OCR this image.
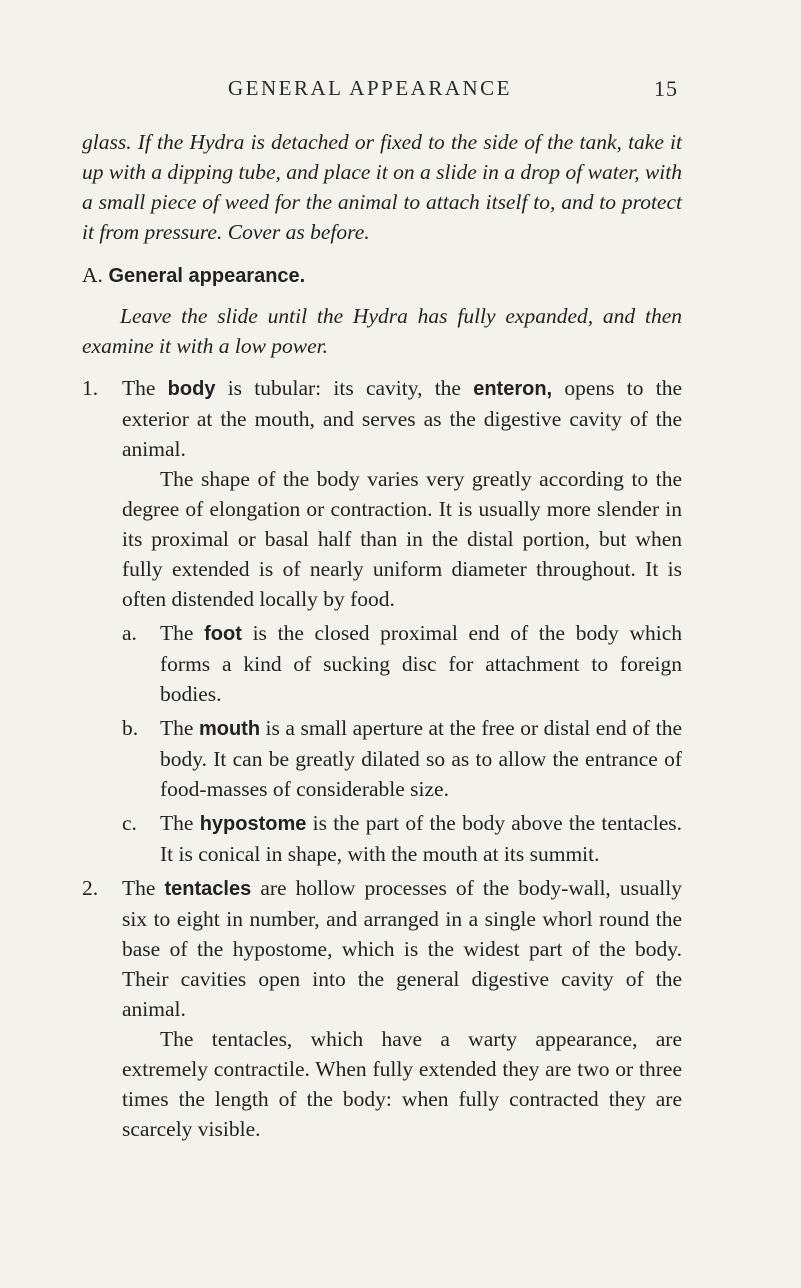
GENERAL APPEARANCE	15

glass. If the Hydra is detached or fixed to the side of the tank, take it up with a dipping tube, and place it on a slide in a drop of water, with a small piece of weed for the animal to attach itself to, and to protect it from pressure. Cover as before.

A. General appearance.

Leave the slide until the Hydra has fully expanded, and then examine it with a low power.

1. The body is tubular: its cavity, the enteron, opens to the exterior at the mouth, and serves as the digestive cavity of the animal.

The shape of the body varies very greatly according to the degree of elongation or contraction. It is usually more slender in its proximal or basal half than in the distal portion, but when fully extended is of nearly uniform diameter throughout. It is often distended locally by food.

a. The foot is the closed proximal end of the body which forms a kind of sucking disc for attachment to foreign bodies.

b. The mouth is a small aperture at the free or distal end of the body. It can be greatly dilated so as to allow the entrance of food-masses of considerable size.

c. The hypostome is the part of the body above the tentacles. It is conical in shape, with the mouth at its summit.

2. The tentacles are hollow processes of the body-wall, usually six to eight in number, and arranged in a single whorl round the base of the hypostome, which is the widest part of the body. Their cavities open into the general digestive cavity of the animal.

The tentacles, which have a warty appearance, are extremely contractile. When fully extended they are two or three times the length of the body: when fully contracted they are scarcely visible.
